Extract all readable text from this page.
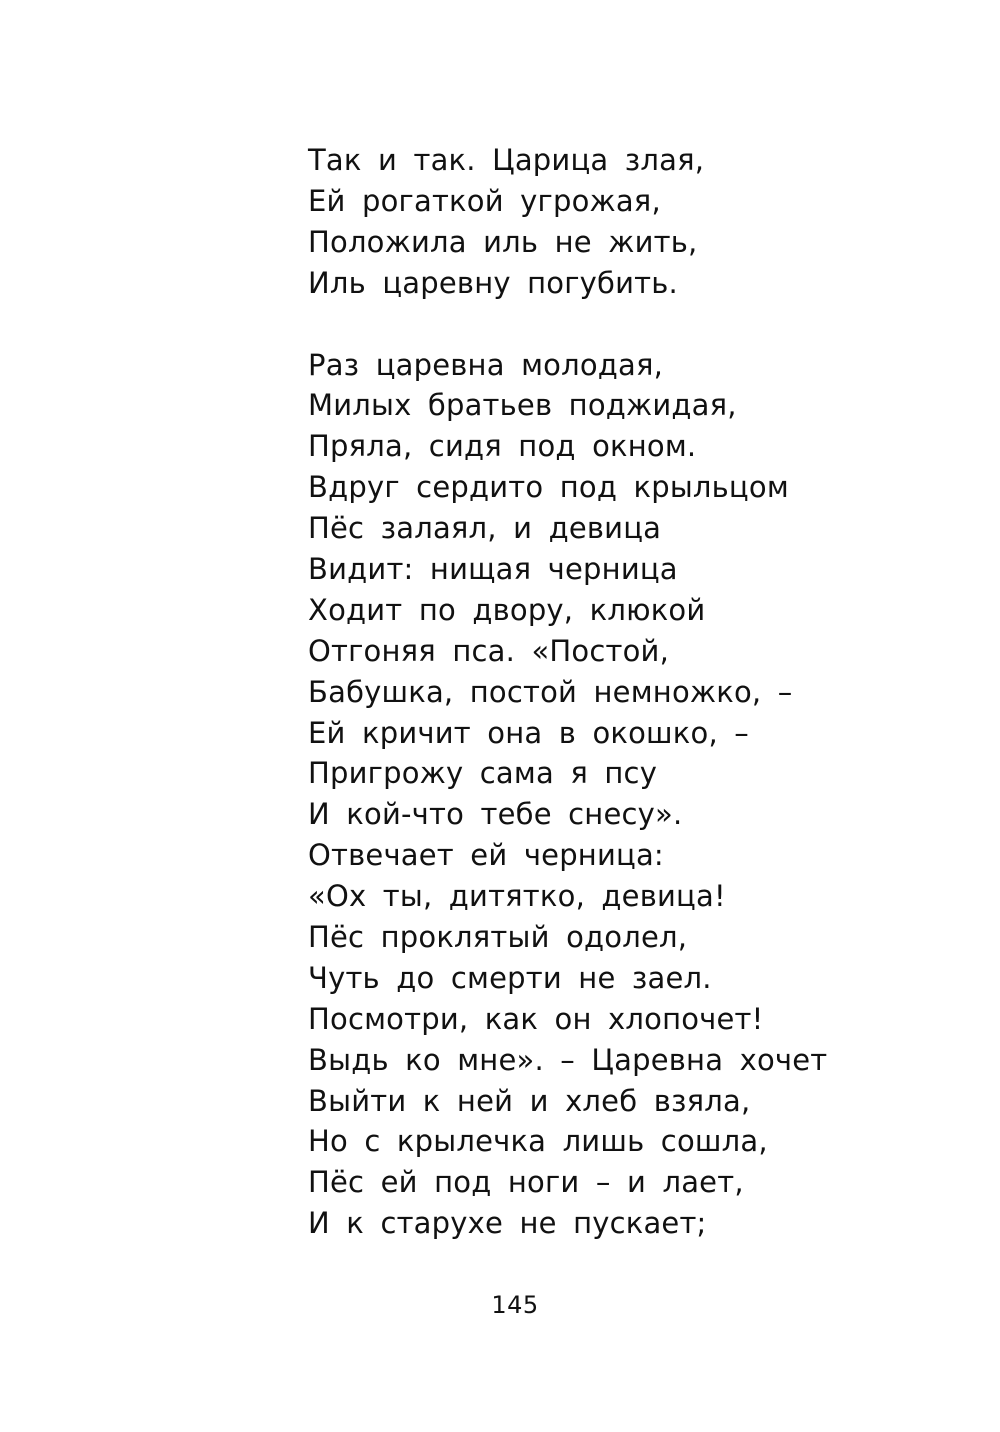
Так и так. Царица злая,
Ей рогаткой угрожая,
Положила иль не жить,
Иль царевну погубить.
Раз царевна молодая,
Милых братьев поджидая,
Пряла, сидя под окном.
Вдруг сердито под крыльцом
Пёс залаял, и девица
Видит: нищая черница
Ходит по двору, клюкой
Отгоняя пса. «Постой,
Бабушка, постой немножко, –
Ей кричит она в окошко, –
Пригрожу сама я псу
И кой-что тебе снесу».
Отвечает ей черница:
«Ох ты, дитятко, девица!
Пёс проклятый одолел,
Чуть до смерти не заел.
Посмотри, как он хлопочет!
Выдь ко мне». – Царевна хочет
Выйти к ней и хлеб взяла,
Но с крылечка лишь сошла,
Пёс ей под ноги – и лает,
И к старухе не пускает;
145
